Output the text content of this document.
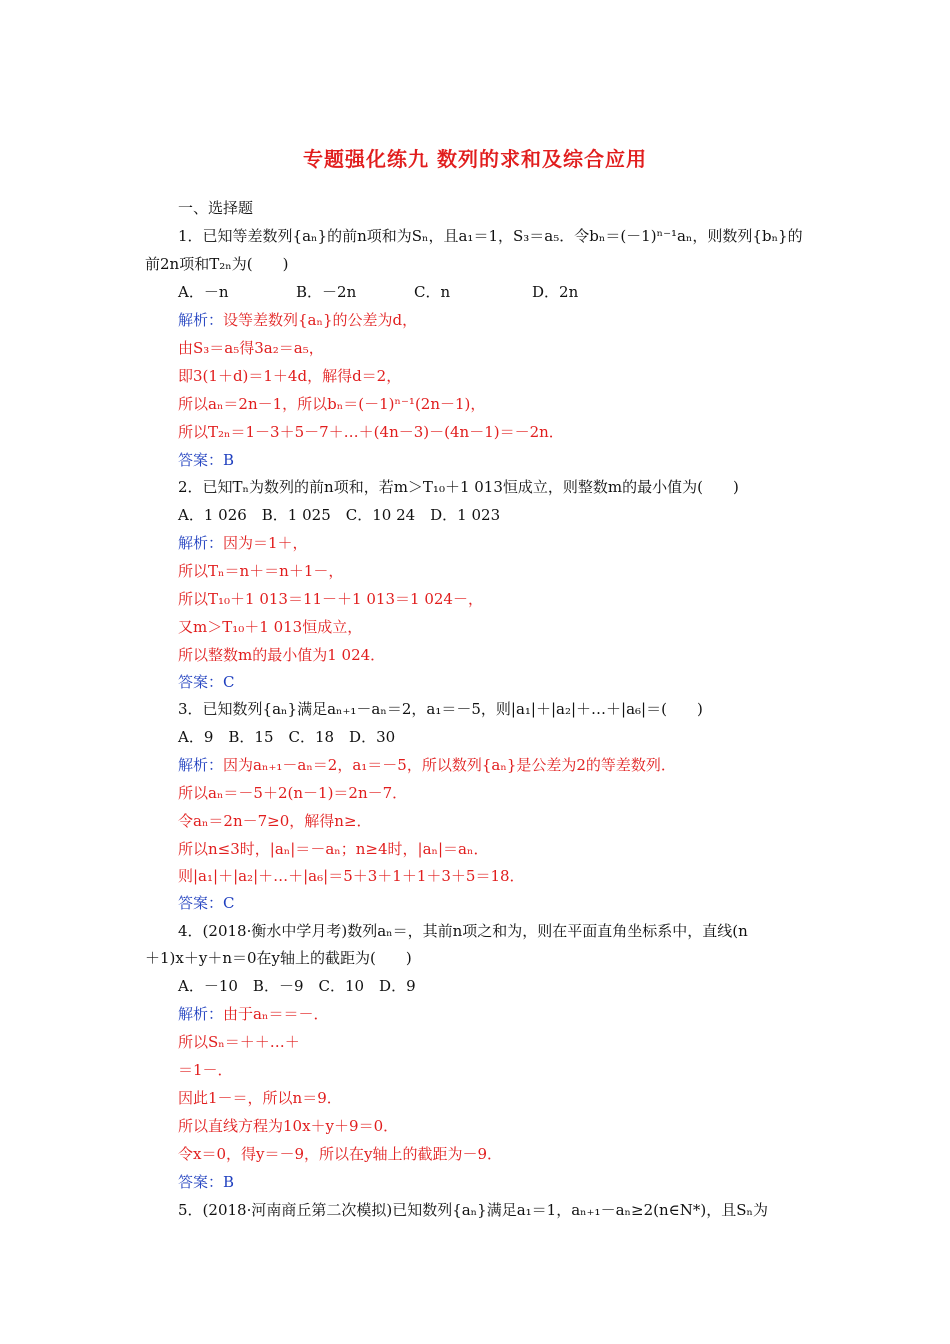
专题强化练九 数列的求和及综合应用
一、选择题
1．已知等差数列{aₙ}的前n项和为Sₙ，且a₁＝1，S₃＝a₅．令bₙ＝(－1)ⁿ⁻¹aₙ，则数列{bₙ}的
前2n项和T₂ₙ为(　　)
A．－n	B．－2n	C．n	D．2n
解析：设等差数列{aₙ}的公差为d，
由S₃＝a₅得3a₂＝a₅，
即3(1＋d)＝1＋4d，解得d＝2，
所以aₙ＝2n－1，所以bₙ＝(－1)ⁿ⁻¹(2n－1)，
所以T₂ₙ＝1－3＋5－7＋…＋(4n－3)－(4n－1)＝－2n．
答案：B
2．已知Tₙ为数列的前n项和，若m＞T₁₀＋1 013恒成立，则整数m的最小值为(　　)
A．1 026　B．1 025　C．10 24　D．1 023
解析：因为＝1＋，
所以Tₙ＝n＋＝n＋1－，
所以T₁₀＋1 013＝11－＋1 013＝1 024－，
又m＞T₁₀＋1 013恒成立，
所以整数m的最小值为1 024．
答案：C
3．已知数列{aₙ}满足aₙ₊₁－aₙ＝2，a₁＝－5，则|a₁|＋|a₂|＋…＋|a₆|＝(　　)
A．9　B．15　C．18　D．30
解析：因为aₙ₊₁－aₙ＝2，a₁＝－5，所以数列{aₙ}是公差为2的等差数列．
所以aₙ＝－5＋2(n－1)＝2n－7．
令aₙ＝2n－7≥0，解得n≥．
所以n≤3时，|aₙ|＝－aₙ；n≥4时，|aₙ|＝aₙ．
则|a₁|＋|a₂|＋…＋|a₆|＝5＋3＋1＋1＋3＋5＝18．
答案：C
4．(2018·衡水中学月考)数列aₙ＝，其前n项之和为，则在平面直角坐标系中，直线(n
＋1)x＋y＋n＝0在y轴上的截距为(　　)
A．－10　B．－9　C．10　D．9
解析：由于aₙ＝＝－．
所以Sₙ＝＋＋…＋
＝1－．
因此1－＝，所以n＝9．
所以直线方程为10x＋y＋9＝0．
令x＝0，得y＝－9，所以在y轴上的截距为－9．
答案：B
5．(2018·河南商丘第二次模拟)已知数列{aₙ}满足a₁＝1，aₙ₊₁－aₙ≥2(n∈N*)，且Sₙ为
